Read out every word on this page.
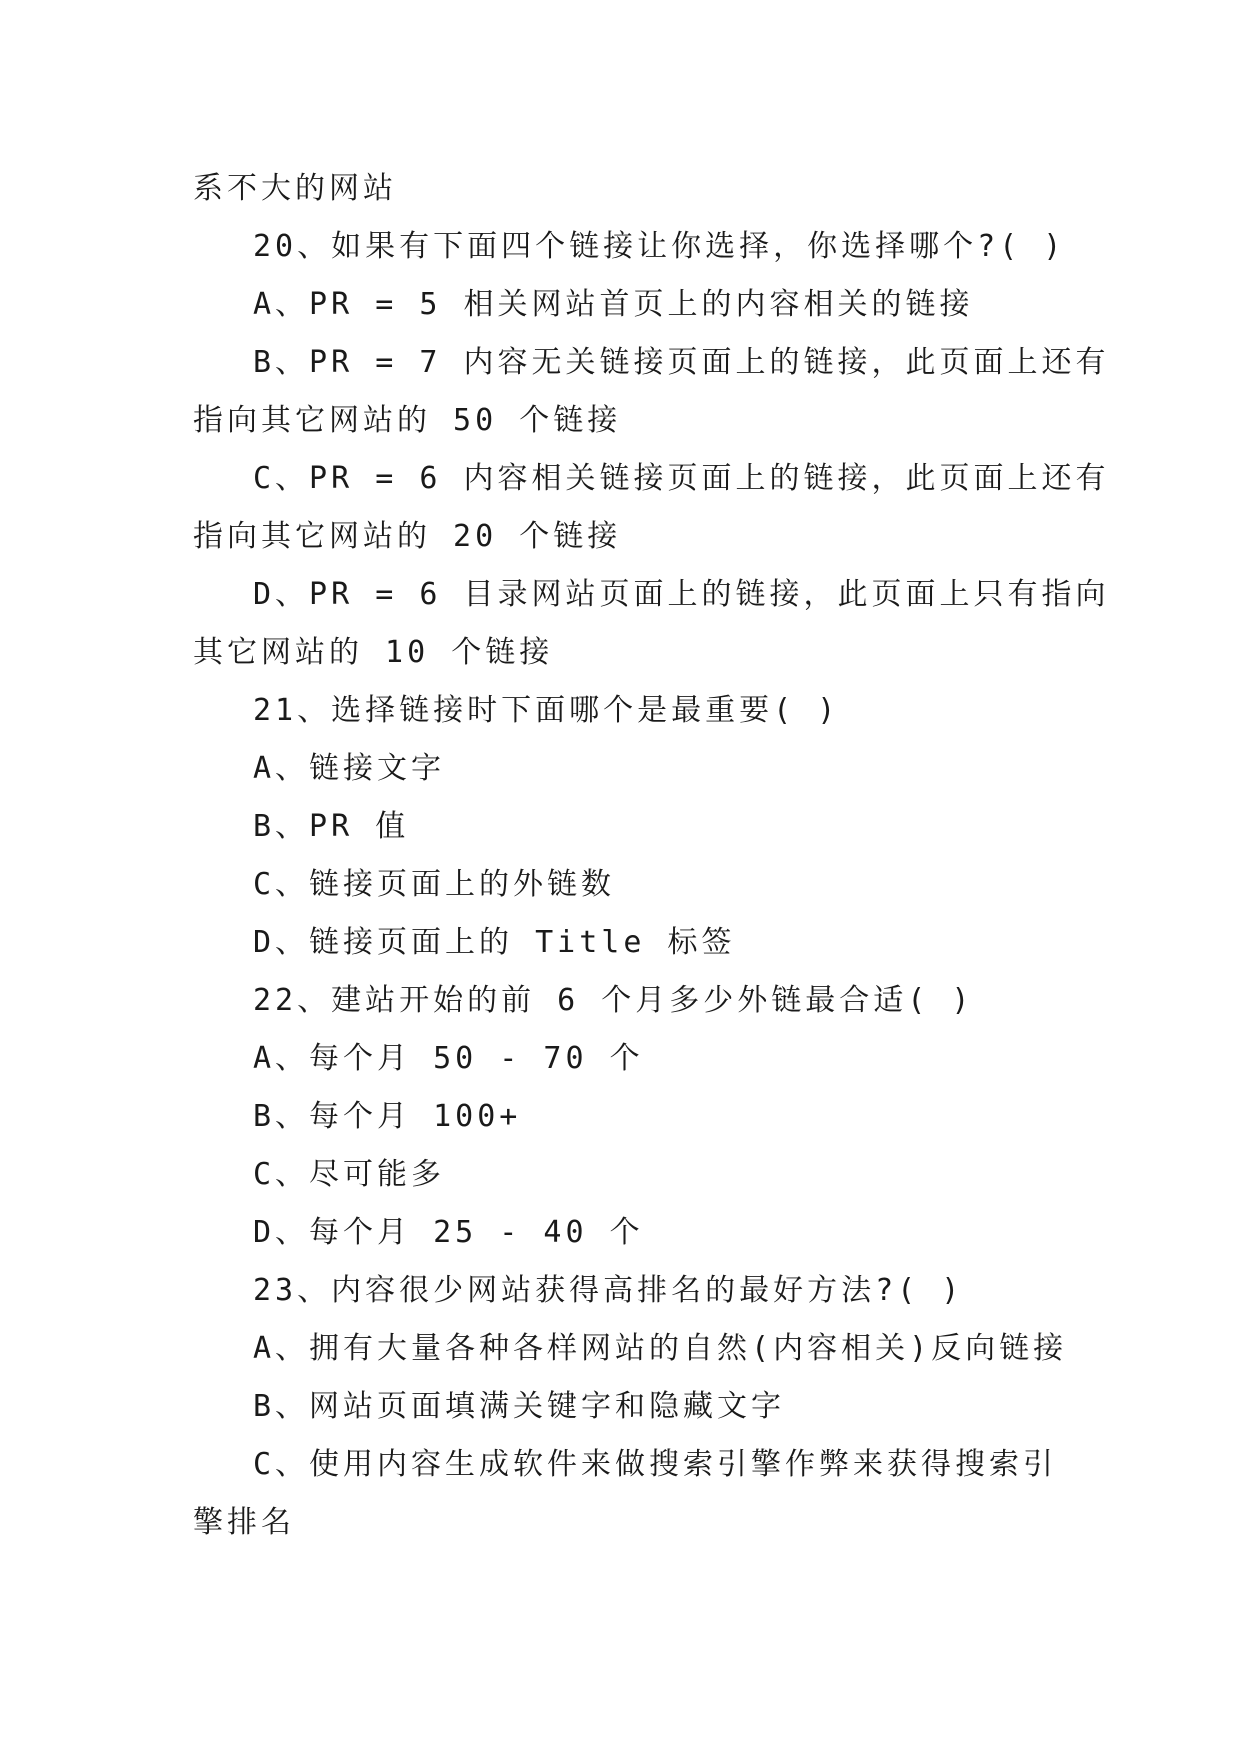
系不大的网站
20、如果有下面四个链接让你选择，你选择哪个?( )
A、PR = 5 相关网站首页上的内容相关的链接
B、PR = 7 内容无关链接页面上的链接，此页面上还有
指向其它网站的 50 个链接
C、PR = 6 内容相关链接页面上的链接，此页面上还有
指向其它网站的 20 个链接
D、PR = 6 目录网站页面上的链接，此页面上只有指向
其它网站的 10 个链接
21、选择链接时下面哪个是最重要( )
A、链接文字
B、PR 值
C、链接页面上的外链数
D、链接页面上的 Title 标签
22、建站开始的前 6 个月多少外链最合适( )
A、每个月 50 - 70 个
B、每个月 100+
C、尽可能多
D、每个月 25 - 40 个
23、内容很少网站获得高排名的最好方法?( )
A、拥有大量各种各样网站的自然(内容相关)反向链接
B、网站页面填满关键字和隐藏文字
C、使用内容生成软件来做搜索引擎作弊来获得搜索引
擎排名
